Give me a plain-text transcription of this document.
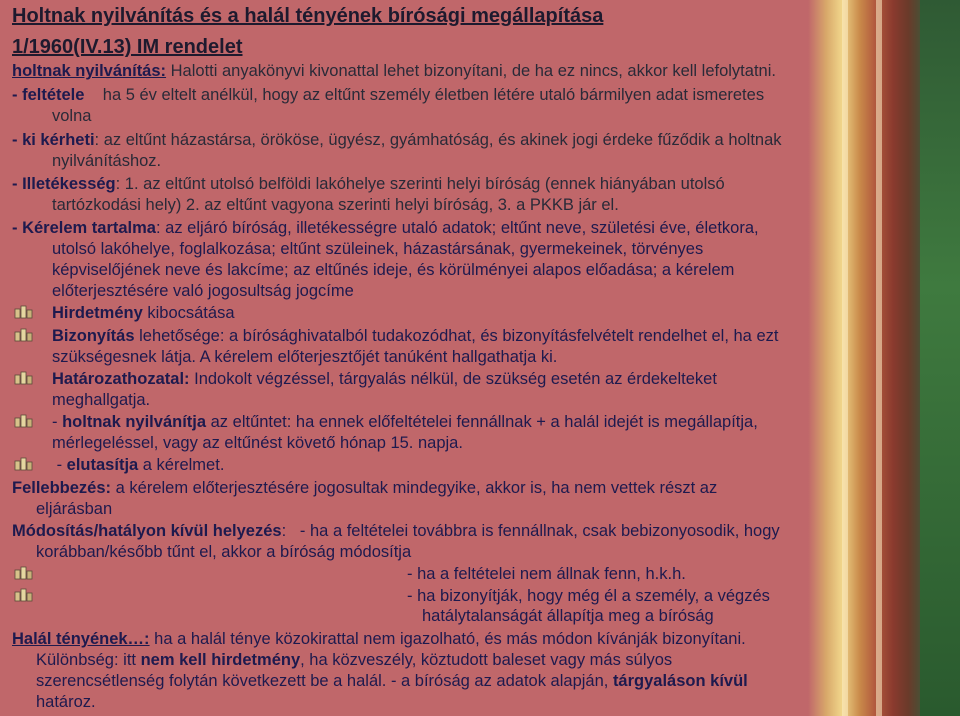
Holtnak nyilvánítás és a halál tényének bírósági megállapítása
1/1960(IV.13) IM rendelet
holtnak nyilvánítás: Halotti anyakönyvi kivonattal lehet bizonyítani, de ha ez nincs, akkor kell lefolytatni.
- feltétele    ha 5 év eltelt anélkül, hogy az eltűnt személy életben létére utaló bármilyen adat ismeretes
volna
- ki kérheti: az eltűnt házastársa, örököse, ügyész, gyámhatóság, és akinek jogi érdeke fűződik a holtnak
nyilvánításhoz.
- Illetékesség: 1. az eltűnt utolsó belföldi lakóhelye szerinti helyi bíróság (ennek hiányában utolsó
tartózkodási hely) 2. az eltűnt vagyona szerinti helyi bíróság, 3. a PKKB jár el.
- Kérelem tartalma: az eljáró bíróság, illetékességre utaló adatok; eltűnt neve, születési éve, életkora,
utolsó lakóhelye, foglalkozása; eltűnt szüleinek, házastársának, gyermekeinek, törvényes
képviselőjének neve és lakcíme; az eltűnés ideje, és körülményei alapos előadása; a kérelem
előterjesztésére való jogosultság jogcíme
Hirdetmény kibocsátása
Bizonyítás lehetősége: a bírósághivatalból tudakozódhat, és bizonyításfelvételt rendelhet el, ha ezt
szükségesnek látja. A kérelem előterjesztőjét tanúként hallgathatja ki.
Határozathozatal: Indokolt végzéssel, tárgyalás nélkül, de szükség esetén az érdekelteket
meghallgatja.
- holtnak nyilvánítja az eltűntet: ha ennek előfeltételei fennállnak + a halál idejét is megállapítja,
mérlegeléssel, vagy az eltűnést követő hónap 15. napja.
- elutasítja a kérelmet.
Fellebbezés: a kérelem előterjesztésére jogosultak mindegyike, akkor is, ha nem vettek részt az
eljárásban
Módosítás/hatályon kívül helyezés:   - ha a feltételei továbbra is fennállnak, csak bebizonyosodik, hogy
korábban/később tűnt el, akkor a bíróság módosítja
- ha a feltételei nem állnak fenn, h.k.h.
- ha bizonyítják, hogy még él a személy, a végzés
hatálytalanságát állapítja meg a bíróság
Halál tényének…: ha a halál ténye közokirattal nem igazolható, és más módon kívánják bizonyítani.
Különbség: itt nem kell hirdetmény, ha közveszély, köztudott baleset vagy más súlyos
szerencsétlenség folytán következett be a halál. - a bíróság az adatok alapján, tárgyaláson kívül
határoz.
